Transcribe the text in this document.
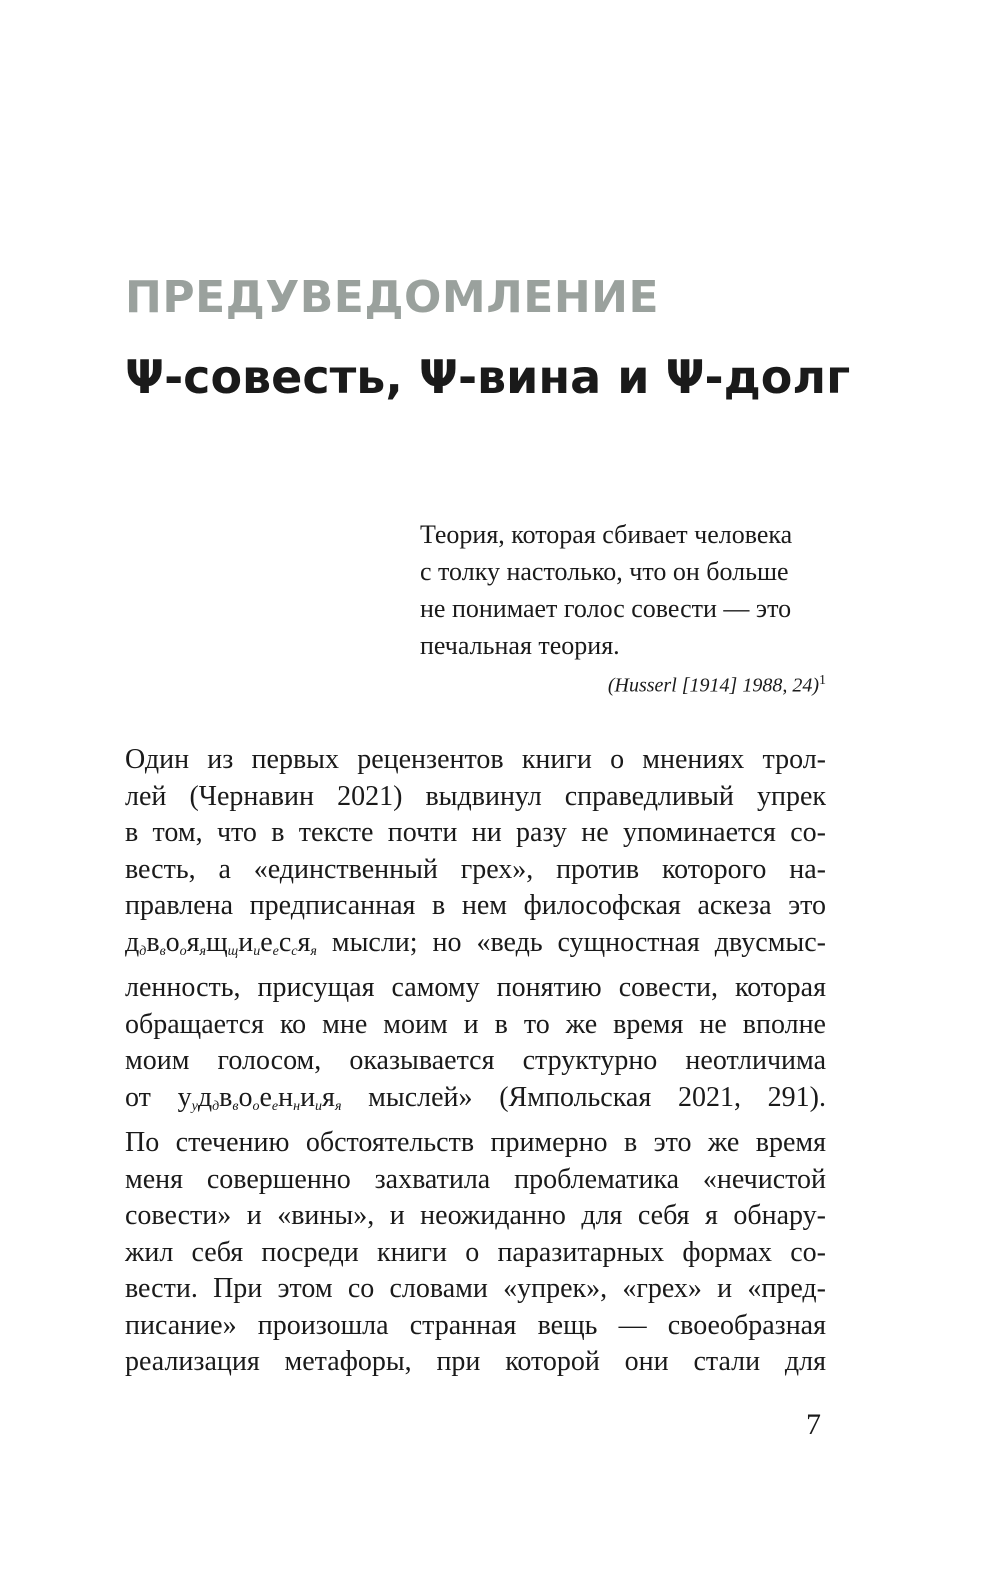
ПРЕДУВЕДОМЛЕНИЕ
Ψ-совесть, Ψ-вина и Ψ-долг
Теория, которая сбивает человека
с толку настолько, что он больше
не понимает голос совести — это
печальная теория.
(Husserl [1914] 1988, 24)$^1$
Один из первых рецензентов книги о мнениях трол-
лей (Чернавин 2021) выдвинул справедливый упрек
в том, что в тексте почти ни разу не упоминается со-
весть, а «единственный грех», против которого на-
правлена предписанная в нем философская аскеза это
$д_дв_во_оя_ящ_щи_ие_ес_ся_я$ мысли; но «ведь сущностная двусмыс-
ленность, присущая самому понятию совести, которая
обращается ко мне моим и в то же время не вполне
моим голосом, оказывается структурно неотличима
от $у_уд_дв_во_ое_ен_ни_ия_я$ мыслей» (Ямпольская 2021, 291).
По стечению обстоятельств примерно в это же время
меня совершенно захватила проблематика «нечистой
совести» и «вины», и неожиданно для себя я обнару-
жил себя посреди книги о паразитарных формах со-
вести. При этом со словами «упрек», «грех» и «пред-
писание» произошла странная вещь — своеобразная
реализация метафоры, при которой они стали для
7
